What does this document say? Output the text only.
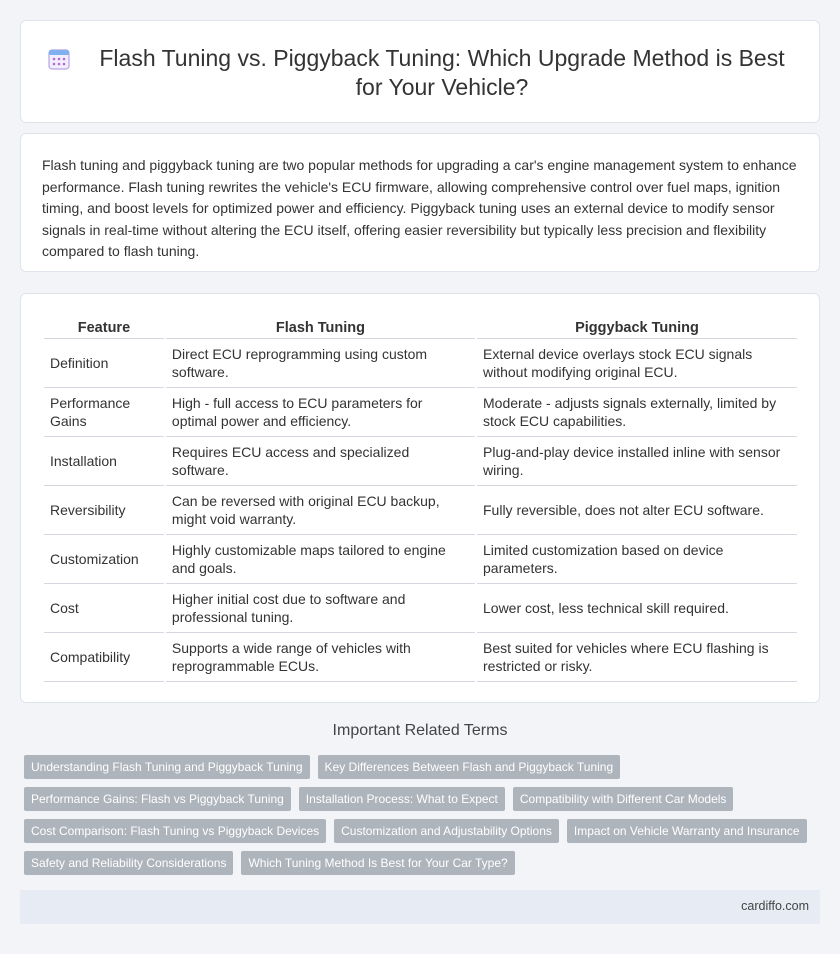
Flash Tuning vs. Piggyback Tuning: Which Upgrade Method is Best for Your Vehicle?

Flash tuning and piggyback tuning are two popular methods for upgrading a car's engine management system to enhance performance. Flash tuning rewrites the vehicle's ECU firmware, allowing comprehensive control over fuel maps, ignition timing, and boost levels for optimized power and efficiency. Piggyback tuning uses an external device to modify sensor signals in real-time without altering the ECU itself, offering easier reversibility but typically less precision and flexibility compared to flash tuning.

Feature	Flash Tuning	Piggyback Tuning
Definition	Direct ECU reprogramming using custom software.	External device overlays stock ECU signals without modifying original ECU.
Performance Gains	High - full access to ECU parameters for optimal power and efficiency.	Moderate - adjusts signals externally, limited by stock ECU capabilities.
Installation	Requires ECU access and specialized software.	Plug-and-play device installed inline with sensor wiring.
Reversibility	Can be reversed with original ECU backup, might void warranty.	Fully reversible, does not alter ECU software.
Customization	Highly customizable maps tailored to engine and goals.	Limited customization based on device parameters.
Cost	Higher initial cost due to software and professional tuning.	Lower cost, less technical skill required.
Compatibility	Supports a wide range of vehicles with reprogrammable ECUs.	Best suited for vehicles where ECU flashing is restricted or risky.
Important Related Terms
Understanding Flash Tuning and Piggyback Tuning	Key Differences Between Flash and Piggyback Tuning
Performance Gains: Flash vs Piggyback Tuning	Installation Process: What to Expect	Compatibility with Different Car Models
Cost Comparison: Flash Tuning vs Piggyback Devices	Customization and Adjustability Options	Impact on Vehicle Warranty and Insurance
Safety and Reliability Considerations	Which Tuning Method Is Best for Your Car Type?
cardiffo.com
